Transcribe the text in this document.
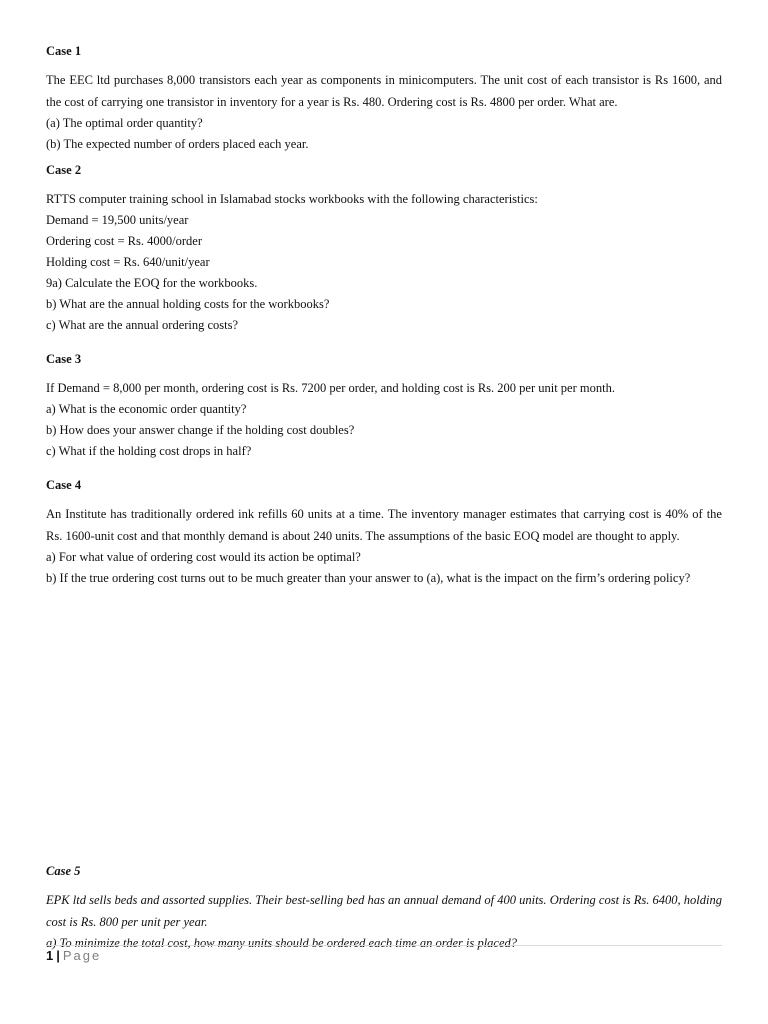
Case 1

The EEC ltd purchases 8,000 transistors each year as components in minicomputers. The unit cost of each transistor is Rs 1600, and the cost of carrying one transistor in inventory for a year is Rs. 480. Ordering cost is Rs. 4800 per order. What are.

(a) The optimal order quantity?

(b) The expected number of orders placed each year.

Case 2

RTTS computer training school in Islamabad stocks workbooks with the following characteristics:

Demand = 19,500 units/year

Ordering cost = Rs. 4000/order

Holding cost = Rs. 640/unit/year

9a) Calculate the EOQ for the workbooks.

b) What are the annual holding costs for the workbooks?

c) What are the annual ordering costs?

Case 3

If Demand = 8,000 per month, ordering cost is Rs. 7200 per order, and holding cost is Rs. 200 per unit per month.

a) What is the economic order quantity?

b) How does your answer change if the holding cost doubles?

c) What if the holding cost drops in half?

Case 4

An Institute has traditionally ordered ink refills 60 units at a time. The inventory manager estimates that carrying cost is 40% of the Rs. 1600-unit cost and that monthly demand is about 240 units. The assumptions of the basic EOQ model are thought to apply.

a) For what value of ordering cost would its action be optimal?

b) If the true ordering cost turns out to be much greater than your answer to (a), what is the impact on the firm’s ordering policy?

Case 5

EPK ltd sells beds and assorted supplies. Their best-selling bed has an annual demand of 400 units. Ordering cost is Rs. 6400, holding cost is Rs. 800 per unit per year.

a) To minimize the total cost, how many units should be ordered each time an order is placed?

1 | Page
